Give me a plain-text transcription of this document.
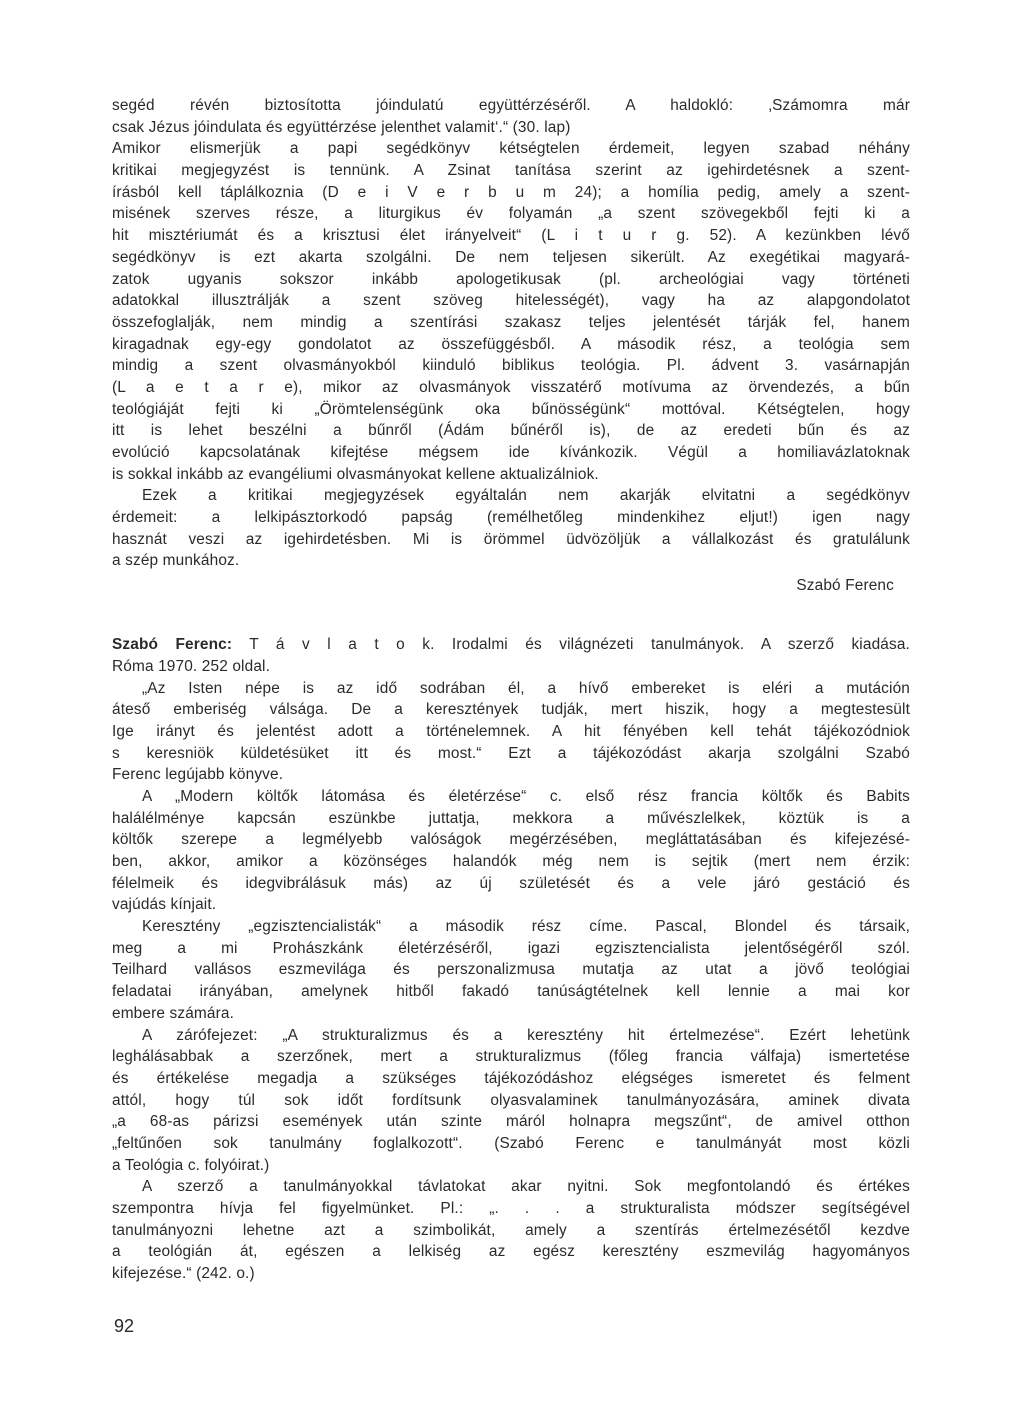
segéd révén biztosította jóindulatú együttérzéséről. A haldokló: ‚Számomra már
csak Jézus jóindulata és együttérzése jelenthet valamit‘.“ (30. lap)
Amikor elismerjük a papi segédkönyv kétségtelen érdemeit, legyen szabad néhány
kritikai megjegyzést is tennünk. A Zsinat tanítása szerint az igehirdetésnek a szent-
írásból kell táplálkoznia (D e i V e r b u m 24); a homília pedig, amely a szent-
misének szerves része, a liturgikus év folyamán „a szent szövegekből fejti ki a
hit misztériumát és a krisztusi élet irányelveit“ (L i t u r g. 52). A kezünkben lévő
segédkönyv is ezt akarta szolgálni. De nem teljesen sikerült. Az exegétikai magyará-
zatok ugyanis sokszor inkább apologetikusak (pl. archeológiai vagy történeti
adatokkal illusztrálják a szent szöveg hitelességét), vagy ha az alapgondolatot
összefoglalják, nem mindig a szentírási szakasz teljes jelentését tárják fel, hanem
kiragadnak egy-egy gondolatot az összefüggésből. A második rész, a teológia sem
mindig a szent olvasmányokból kiinduló biblikus teológia. Pl. ádvent 3. vasárnapján
(L a e t a r e), mikor az olvasmányok visszatérő motívuma az örvendezés, a bűn
teológiáját fejti ki „Örömtelenségünk oka bűnösségünk“ mottóval. Kétségtelen, hogy
itt is lehet beszélni a bűnről (Ádám bűnéről is), de az eredeti bűn és az
evolúció kapcsolatának kifejtése mégsem ide kívánkozik. Végül a homiliavázlatoknak
is sokkal inkább az evangéliumi olvasmányokat kellene aktualizálniok.
Ezek a kritikai megjegyzések egyáltalán nem akarják elvitatni a segédkönyv
érdemeit: a lelkipásztorkodó papság (remélhetőleg mindenkihez eljut!) igen nagy
hasznát veszi az igehirdetésben. Mi is örömmel üdvözöljük a vállalkozást és gratulálunk
a szép munkához.
Szabó Ferenc
Szabó Ferenc: T á v l a t o k. Irodalmi és világnézeti tanulmányok. A szerző kiadása.
Róma 1970. 252 oldal.
„Az Isten népe is az idő sodrában él, a hívő embereket is eléri a mutáción
áteső emberiség válsága. De a keresztények tudják, mert hiszik, hogy a megtestesült
Ige irányt és jelentést adott a történelemnek. A hit fényében kell tehát tájékozódniok
s keresniök küldetésüket itt és most.“ Ezt a tájékozódást akarja szolgálni Szabó
Ferenc legújabb könyve.
A „Modern költők látomása és életérzése“ c. első rész francia költők és Babits
halálélménye kapcsán eszünkbe juttatja, mekkora a művészlelkek, köztük is a
költők szerepe a legmélyebb valóságok megérzésében, megláttatásában és kifejezésé-
ben, akkor, amikor a közönséges halandók még nem is sejtik (mert nem érzik:
félelmeik és idegvibrálásuk más) az új születését és a vele járó gestáció és
vajúdás kínjait.
Keresztény „egzisztencialisták“ a második rész címe. Pascal, Blondel és társaik,
meg a mi Prohászkánk életérzéséről, igazi egzisztencialista jelentőségéről szól.
Teilhard vallásos eszmevilága és perszonalizmusa mutatja az utat a jövő teológiai
feladatai irányában, amelynek hitből fakadó tanúságtételnek kell lennie a mai kor
embere számára.
A zárófejezet: „A strukturalizmus és a keresztény hit értelmezése“. Ezért lehetünk
leghálásabbak a szerzőnek, mert a strukturalizmus (főleg francia válfaja) ismertetése
és értékelése megadja a szükséges tájékozódáshoz elégséges ismeretet és felment
attól, hogy túl sok időt fordítsunk olyasvalaminek tanulmányozására, aminek divata
„a 68-as párizsi események után szinte máról holnapra megszűnt“, de amivel otthon
„feltűnően sok tanulmány foglalkozott“. (Szabó Ferenc e tanulmányát most közli
a Teológia c. folyóirat.)
A szerző a tanulmányokkal távlatokat akar nyitni. Sok megfontolandó és értékes
szempontra hívja fel figyelmünket. Pl.: „. . . a strukturalista módszer segítségével
tanulmányozni lehetne azt a szimbolikát, amely a szentírás értelmezésétől kezdve
a teológián át, egészen a lelkiség az egész keresztény eszmevilág hagyományos
kifejezése.“ (242. o.)
92
